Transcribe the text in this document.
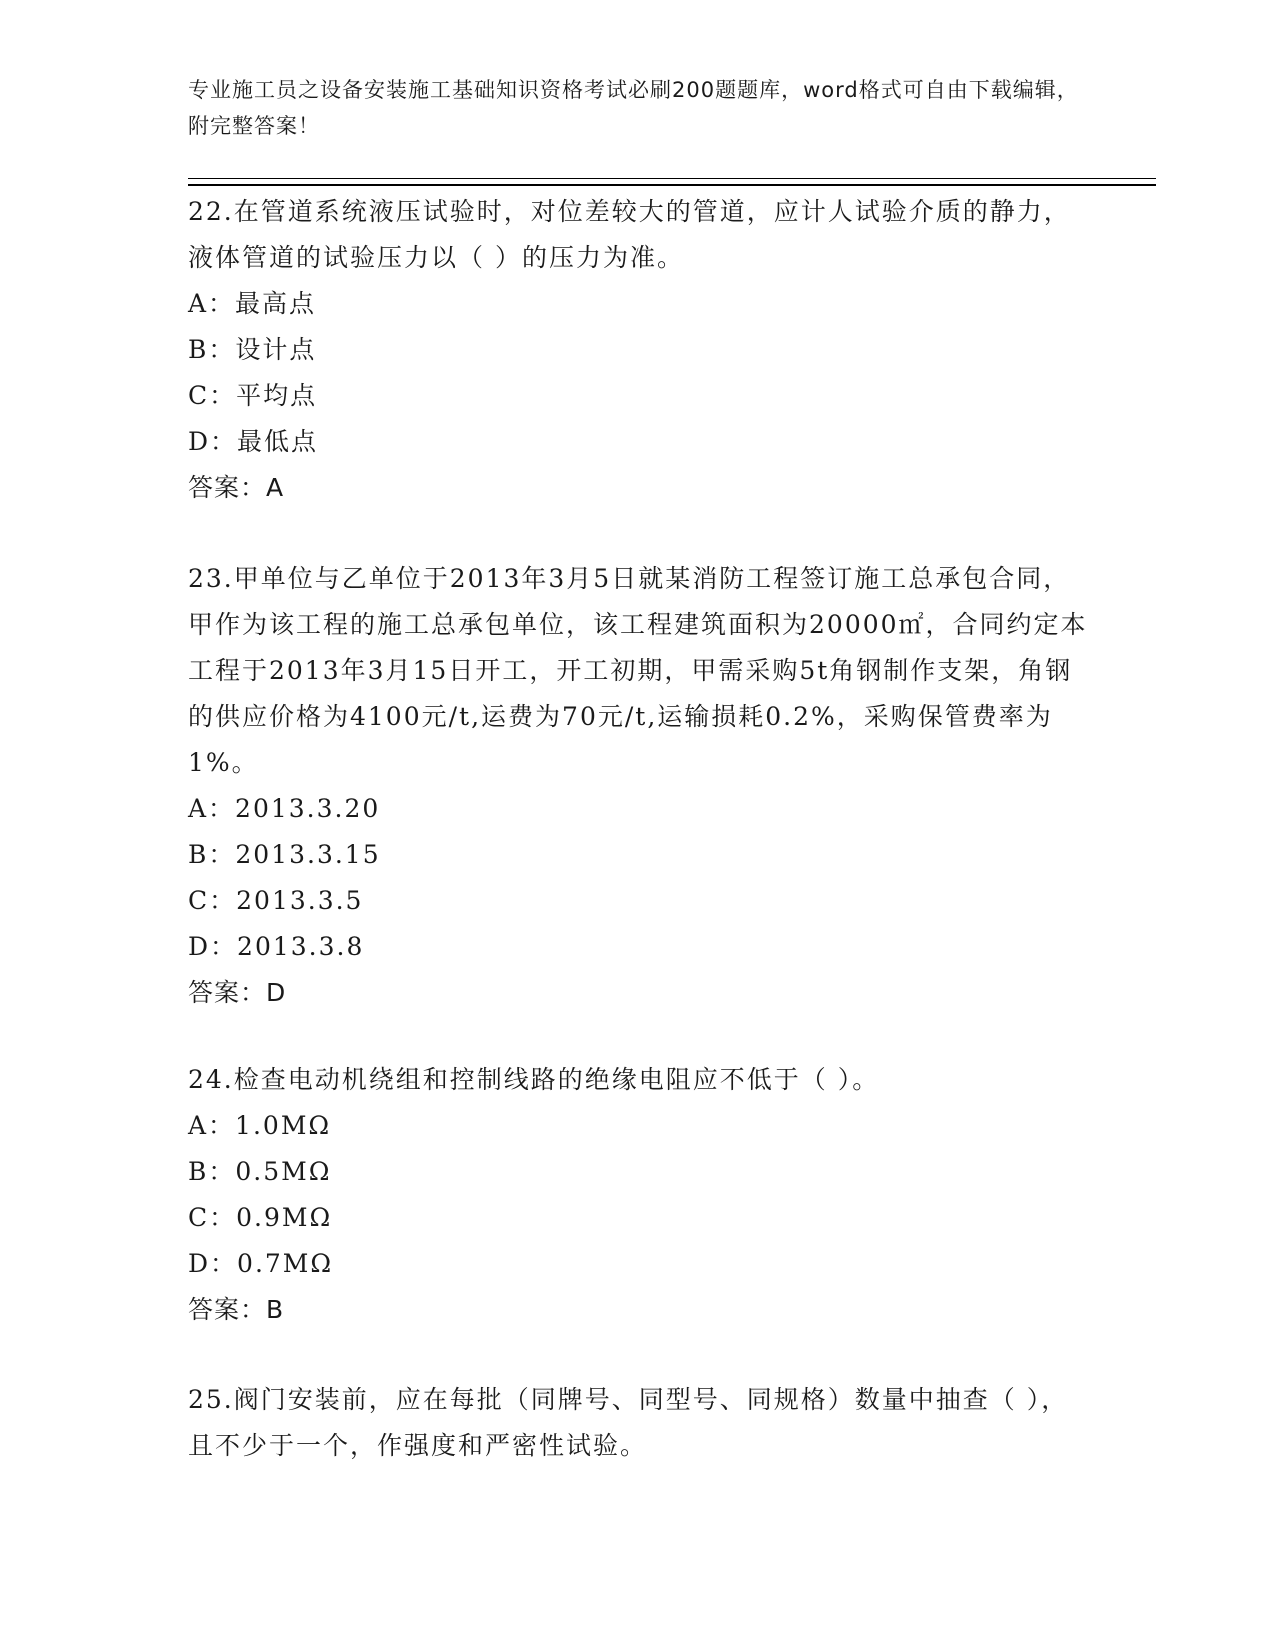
专业施工员之设备安装施工基础知识资格考试必刷200题题库，word格式可自由下载编辑，附完整答案！
22.在管道系统液压试验时，对位差较大的管道，应计人试验介质的静力，液体管道的试验压力以（ ）的压力为准。
A：最高点
B：设计点
C：平均点
D：最低点
答案：A
23.甲单位与乙单位于2013年3月5日就某消防工程签订施工总承包合同，甲作为该工程的施工总承包单位，该工程建筑面积为20000㎡，合同约定本工程于2013年3月15日开工，开工初期，甲需采购5t角钢制作支架，角钢的供应价格为4100元/t,运费为70元/t,运输损耗0.2%，采购保管费率为1%。
A：2013.3.20
B：2013.3.15
C：2013.3.5
D：2013.3.8
答案：D
24.检查电动机绕组和控制线路的绝缘电阻应不低于（ ）。
A：1.0MΩ
B：0.5MΩ
C：0.9MΩ
D：0.7MΩ
答案：B
25.阀门安装前，应在每批（同牌号、同型号、同规格）数量中抽查（ ），且不少于一个，作强度和严密性试验。
